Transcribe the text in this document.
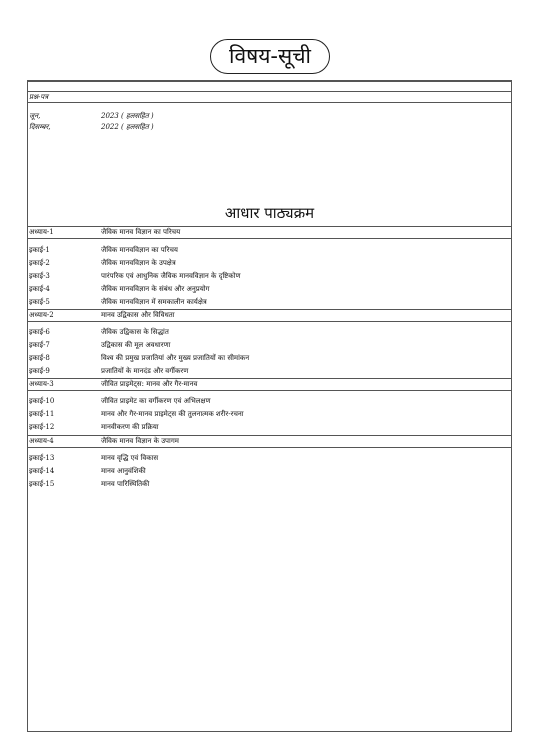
विषय-सूची
प्रश्न-पत्र
जून,	2023 ( हलसहित )
दिसम्बर,	2022 ( हलसहित )
आधार पाठ्यक्रम
अध्याय-1	जैविक मानव विज्ञान का परिचय
इकाई-1	जैविक मानवविज्ञान का परिचय
इकाई-2	जैविक मानवविज्ञान के उपक्षेत्र
इकाई-3	पारंपरिक एवं आधुनिक जैविक मानवविज्ञान के दृष्टिकोण
इकाई-4	जैविक मानवविज्ञान के संबंध और अनुप्रयोग
इकाई-5	जैविक मानवविज्ञान में समकालीन कार्यक्षेत्र
अध्याय-2	मानव उद्विकास और विविधता
इकाई-6	जैविक उद्विकास के सिद्धांत
इकाई-7	उद्विकास की मूल अवधारणा
इकाई-8	विश्व की प्रमुख प्रजातियां और मुख्य प्रजातियों का सीमांकन
इकाई-9	प्रजातियों के मानदंड और वर्गीकरण
अध्याय-3	जीवित प्राइमेट्स: मानव और गैर-मानव
इकाई-10	जीवित प्राइमेट का वर्गीकरण एवं अभिलक्षण
इकाई-11	मानव और गैर-मानव प्राइमेट्स की तुलनात्मक शरीर-रचना
इकाई-12	मानवीकरण की प्रक्रिया
अध्याय-4	जैविक मानव विज्ञान के उपागम
इकाई-13	मानव वृद्धि एवं विकास
इकाई-14	मानव आनुवंशिकी
इकाई-15	मानव पारिस्थितिकी
